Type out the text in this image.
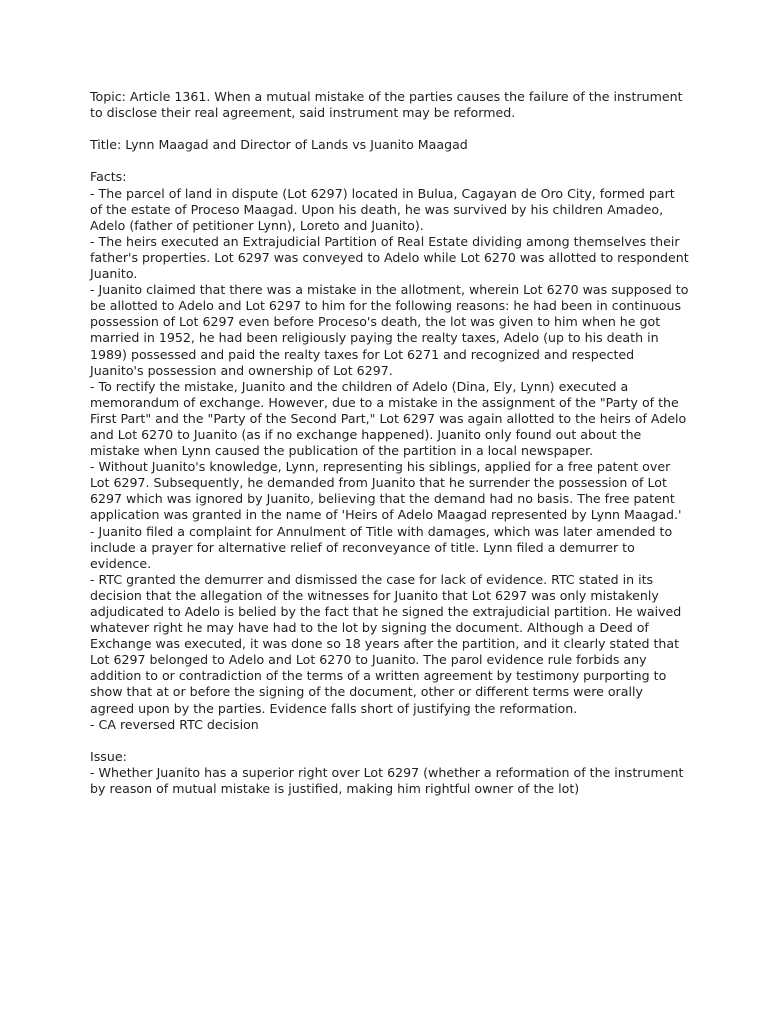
Topic: Article 1361. When a mutual mistake of the parties causes the failure of the instrument to disclose their real agreement, said instrument may be reformed.

Title: Lynn Maagad and Director of Lands vs Juanito Maagad

Facts:

- The parcel of land in dispute (Lot 6297) located in Bulua, Cagayan de Oro City, formed part of the estate of Proceso Maagad. Upon his death, he was survived by his children Amadeo, Adelo (father of petitioner Lynn), Loreto and Juanito).

- The heirs executed an Extrajudicial Partition of Real Estate dividing among themselves their father's properties. Lot 6297 was conveyed to Adelo while Lot 6270 was allotted to respondent Juanito.

- Juanito claimed that there was a mistake in the allotment, wherein Lot 6270 was supposed to be allotted to Adelo and Lot 6297 to him for the following reasons: he had been in continuous possession of Lot 6297 even before Proceso's death, the lot was given to him when he got married in 1952, he had been religiously paying the realty taxes, Adelo (up to his death in 1989) possessed and paid the realty taxes for Lot 6271 and recognized and respected Juanito's possession and ownership of Lot 6297.

- To rectify the mistake, Juanito and the children of Adelo (Dina, Ely, Lynn) executed a memorandum of exchange. However, due to a mistake in the assignment of the "Party of the First Part" and the "Party of the Second Part," Lot 6297 was again allotted to the heirs of Adelo and Lot 6270 to Juanito (as if no exchange happened). Juanito only found out about the mistake when Lynn caused the publication of the partition in a local newspaper.

- Without Juanito's knowledge, Lynn, representing his siblings, applied for a free patent over Lot 6297. Subsequently, he demanded from Juanito that he surrender the possession of Lot 6297 which was ignored by Juanito, believing that the demand had no basis. The free patent application was granted in the name of 'Heirs of Adelo Maagad represented by Lynn Maagad.'

- Juanito filed a complaint for Annulment of Title with damages, which was later amended to include a prayer for alternative relief of reconveyance of title. Lynn filed a demurrer to evidence.

- RTC granted the demurrer and dismissed the case for lack of evidence. RTC stated in its decision that the allegation of the witnesses for Juanito that Lot 6297 was only mistakenly adjudicated to Adelo is belied by the fact that he signed the extrajudicial partition. He waived whatever right he may have had to the lot by signing the document. Although a Deed of Exchange was executed, it was done so 18 years after the partition, and it clearly stated that Lot 6297 belonged to Adelo and Lot 6270 to Juanito. The parol evidence rule forbids any addition to or contradiction of the terms of a written agreement by testimony purporting to show that at or before the signing of the document, other or different terms were orally agreed upon by the parties. Evidence falls short of justifying the reformation.

- CA reversed RTC decision

Issue:

- Whether Juanito has a superior right over Lot 6297 (whether a reformation of the instrument by reason of mutual mistake is justified, making him rightful owner of the lot)
